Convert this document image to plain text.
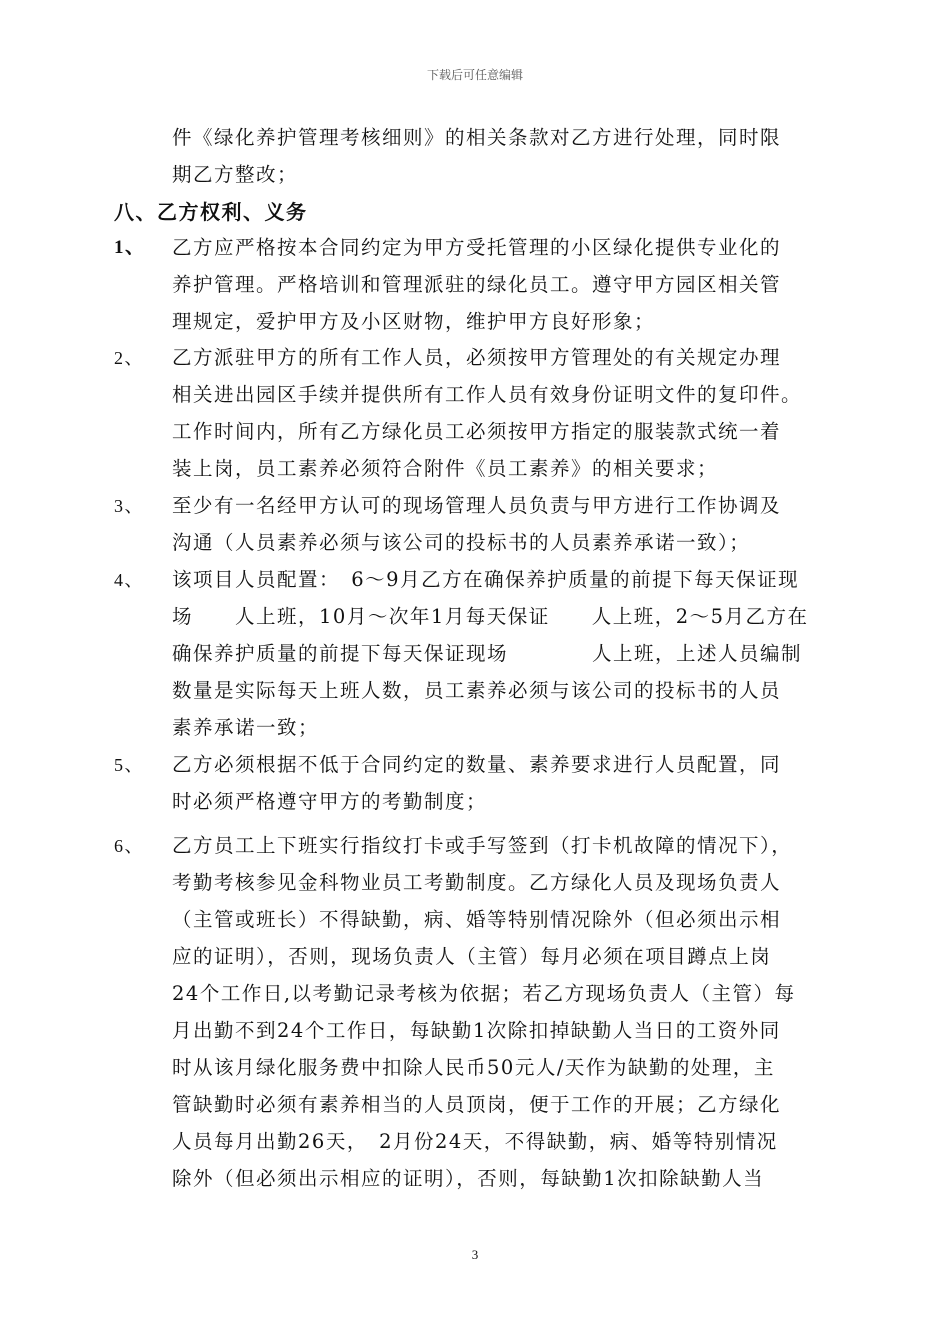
下载后可任意编辑
件《绿化养护管理考核细则》的相关条款对乙方进行处理，同时限
期乙方整改；
八、乙方权利、义务
1、 乙方应严格按本合同约定为甲方受托管理的小区绿化提供专业化的
养护管理。严格培训和管理派驻的绿化员工。遵守甲方园区相关管
理规定，爱护甲方及小区财物，维护甲方良好形象；
2、 乙方派驻甲方的所有工作人员，必须按甲方管理处的有关规定办理
相关进出园区手续并提供所有工作人员有效身份证明文件的复印件。
工作时间内，所有乙方绿化员工必须按甲方指定的服装款式统一着
装上岗，员工素养必须符合附件《员工素养》的相关要求；
3、 至少有一名经甲方认可的现场管理人员负责与甲方进行工作协调及
沟通（人员素养必须与该公司的投标书的人员素养承诺一致）；
4、 该项目人员配置：　6～9月乙方在确保养护质量的前提下每天保证现
场　　人上班，10月～次年1月每天保证　　人上班，2～5月乙方在
确保养护质量的前提下每天保证现场　　　　人上班，上述人员编制
数量是实际每天上班人数，员工素养必须与该公司的投标书的人员
素养承诺一致；
5、 乙方必须根据不低于合同约定的数量、素养要求进行人员配置，同
时必须严格遵守甲方的考勤制度；
6、 乙方员工上下班实行指纹打卡或手写签到（打卡机故障的情况下），
考勤考核参见金科物业员工考勤制度。乙方绿化人员及现场负责人
（主管或班长）不得缺勤，病、婚等特别情况除外（但必须出示相
应的证明），否则，现场负责人（主管）每月必须在项目蹲点上岗
24个工作日,以考勤记录考核为依据；若乙方现场负责人（主管）每
月出勤不到24个工作日，每缺勤1次除扣掉缺勤人当日的工资外同
时从该月绿化服务费中扣除人民币50元人/天作为缺勤的处理，主
管缺勤时必须有素养相当的人员顶岗，便于工作的开展；乙方绿化
人员每月出勤26天，　2月份24天，不得缺勤，病、婚等特别情况
除外（但必须出示相应的证明），否则，每缺勤1次扣除缺勤人当
3
